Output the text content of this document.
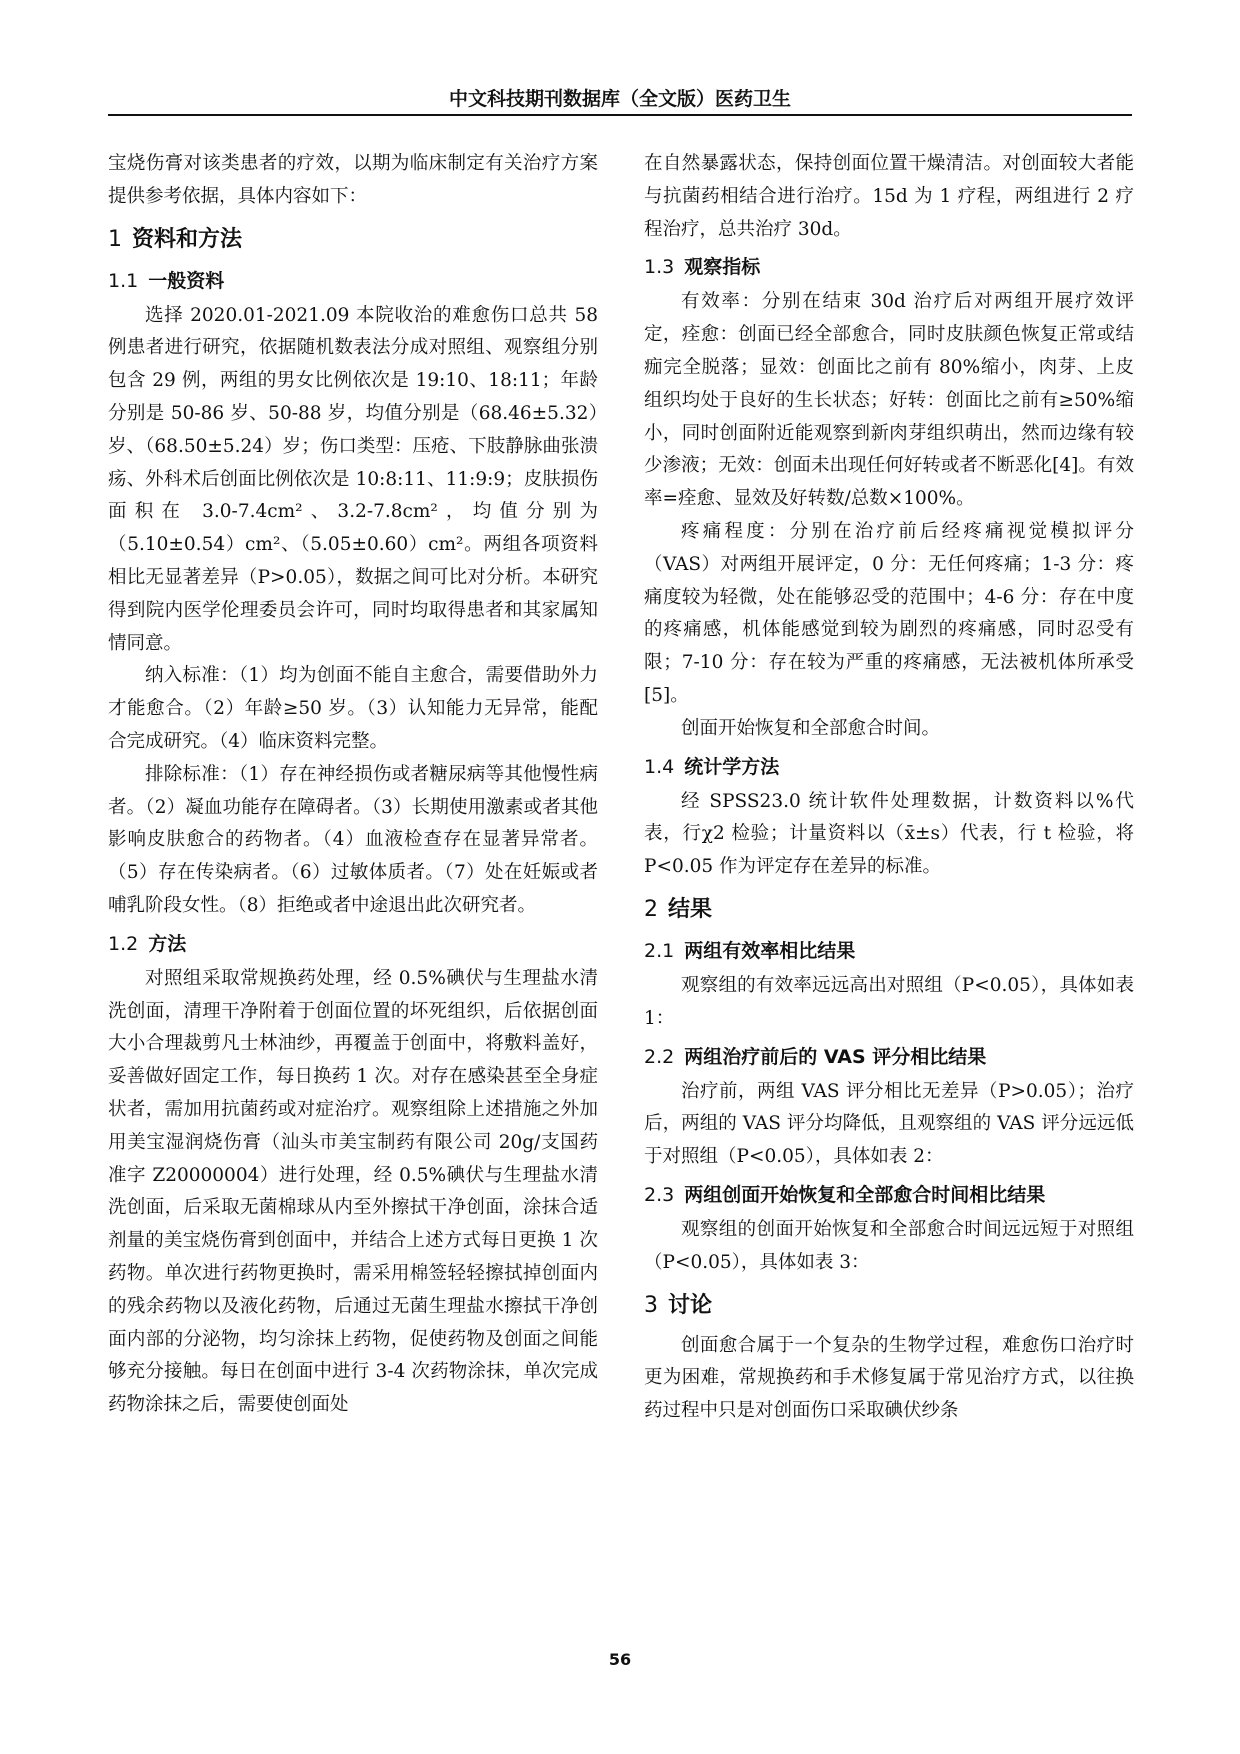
中文科技期刊数据库（全文版）医药卫生

宝烧伤膏对该类患者的疗效，以期为临床制定有关治疗方案提供参考依据，具体内容如下：

1 资料和方法
1.1 一般资料

选择 2020.01-2021.09 本院收治的难愈伤口总共 58 例患者进行研究，依据随机数表法分成对照组、观察组分别包含 29 例，两组的男女比例依次是 19:10、18:11；年龄分别是 50-86 岁、50-88 岁，均值分别是（68.46±5.32）岁、（68.50±5.24）岁；伤口类型：压疮、下肢静脉曲张溃疡、外科术后创面比例依次是 10:8:11、11:9:9；皮肤损伤面积在 3.0-7.4cm²、3.2-7.8cm²，均值分别为（5.10±0.54）cm²、（5.05±0.60）cm²。两组各项资料相比无显著差异（P>0.05），数据之间可比对分析。本研究得到院内医学伦理委员会许可，同时均取得患者和其家属知情同意。

纳入标准：（1）均为创面不能自主愈合，需要借助外力才能愈合。（2）年龄≥50 岁。（3）认知能力无异常，能配合完成研究。（4）临床资料完整。

排除标准：（1）存在神经损伤或者糖尿病等其他慢性病者。（2）凝血功能存在障碍者。（3）长期使用激素或者其他影响皮肤愈合的药物者。（4）血液检查存在显著异常者。（5）存在传染病者。（6）过敏体质者。（7）处在妊娠或者哺乳阶段女性。（8）拒绝或者中途退出此次研究者。

1.2 方法

对照组采取常规换药处理，经 0.5%碘伏与生理盐水清洗创面，清理干净附着于创面位置的坏死组织，后依据创面大小合理裁剪凡士林油纱，再覆盖于创面中，将敷料盖好，妥善做好固定工作，每日换药 1 次。对存在感染甚至全身症状者，需加用抗菌药或对症治疗。观察组除上述措施之外加用美宝湿润烧伤膏（汕头市美宝制药有限公司 20g/支国药准字 Z20000004）进行处理，经 0.5%碘伏与生理盐水清洗创面，后采取无菌棉球从内至外擦拭干净创面，涂抹合适剂量的美宝烧伤膏到创面中，并结合上述方式每日更换 1 次药物。单次进行药物更换时，需采用棉签轻轻擦拭掉创面内的残余药物以及液化药物，后通过无菌生理盐水擦拭干净创面内部的分泌物，均匀涂抹上药物，促使药物及创面之间能够充分接触。每日在创面中进行 3-4 次药物涂抹，单次完成药物涂抹之后，需要使创面处

在自然暴露状态，保持创面位置干燥清洁。对创面较大者能与抗菌药相结合进行治疗。15d 为 1 疗程，两组进行 2 疗程治疗，总共治疗 30d。

1.3 观察指标

有效率：分别在结束 30d 治疗后对两组开展疗效评定，痊愈：创面已经全部愈合，同时皮肤颜色恢复正常或结痂完全脱落；显效：创面比之前有 80%缩小，肉芽、上皮组织均处于良好的生长状态；好转：创面比之前有≥50%缩小，同时创面附近能观察到新肉芽组织萌出，然而边缘有较少渗液；无效：创面未出现任何好转或者不断恶化[4]。有效率=痊愈、显效及好转数/总数×100%。

疼痛程度：分别在治疗前后经疼痛视觉模拟评分（VAS）对两组开展评定，0 分：无任何疼痛；1-3 分：疼痛度较为轻微，处在能够忍受的范围中；4-6 分：存在中度的疼痛感，机体能感觉到较为剧烈的疼痛感，同时忍受有限；7-10 分：存在较为严重的疼痛感，无法被机体所承受[5]。

创面开始恢复和全部愈合时间。

1.4 统计学方法

经 SPSS23.0 统计软件处理数据，计数资料以%代表，行χ2 检验；计量资料以（x̄±s）代表，行 t 检验，将 P<0.05 作为评定存在差异的标准。

2 结果
2.1 两组有效率相比结果

观察组的有效率远远高出对照组（P<0.05），具体如表 1：

2.2 两组治疗前后的 VAS 评分相比结果

治疗前，两组 VAS 评分相比无差异（P>0.05）；治疗后，两组的 VAS 评分均降低，且观察组的 VAS 评分远远低于对照组（P<0.05），具体如表 2：

2.3 两组创面开始恢复和全部愈合时间相比结果

观察组的创面开始恢复和全部愈合时间远远短于对照组（P<0.05），具体如表 3：

3 讨论

创面愈合属于一个复杂的生物学过程，难愈伤口治疗时更为困难，常规换药和手术修复属于常见治疗方式，以往换药过程中只是对创面伤口采取碘伏纱条

56
